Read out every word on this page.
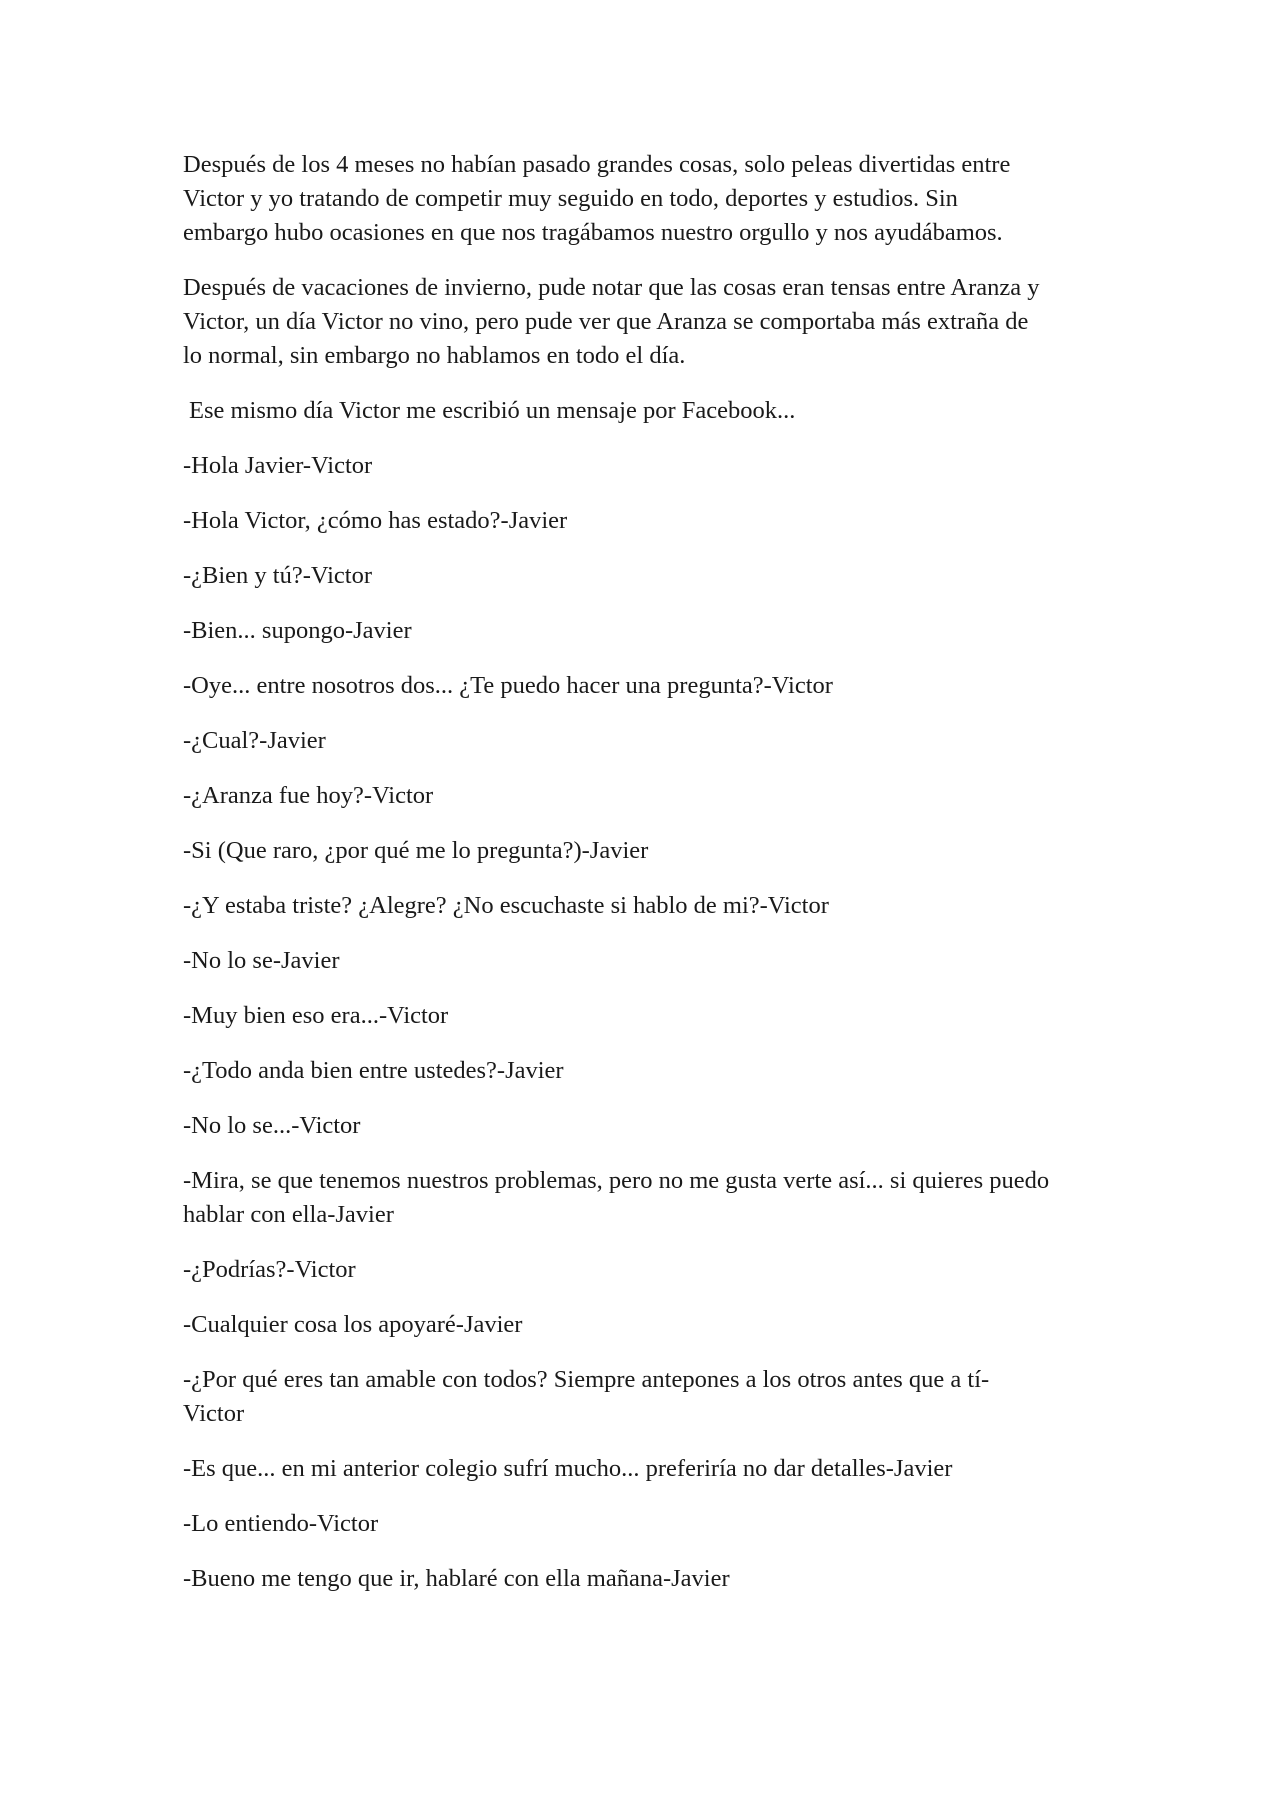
Después de los 4 meses no habían pasado grandes cosas, solo peleas divertidas entre
Victor y yo tratando de competir muy seguido en todo, deportes y estudios. Sin
embargo hubo ocasiones en que nos tragábamos nuestro orgullo y nos ayudábamos.

Después de vacaciones de invierno, pude notar que las cosas eran tensas entre Aranza y
Victor, un día Victor no vino, pero pude ver que Aranza se comportaba más extraña de
lo normal, sin embargo no hablamos en todo el día.

Ese mismo día Victor me escribió un mensaje por Facebook...

-Hola Javier-Victor

-Hola Victor, ¿cómo has estado?-Javier

-¿Bien y tú?-Victor

-Bien... supongo-Javier

-Oye... entre nosotros dos... ¿Te puedo hacer una pregunta?-Victor

-¿Cual?-Javier

-¿Aranza fue hoy?-Victor

-Si (Que raro, ¿por qué me lo pregunta?)-Javier

-¿Y estaba triste? ¿Alegre? ¿No escuchaste si hablo de mi?-Victor

-No lo se-Javier

-Muy bien eso era...-Victor

-¿Todo anda bien entre ustedes?-Javier

-No lo se...-Victor

-Mira, se que tenemos nuestros problemas, pero no me gusta verte así... si quieres puedo
hablar con ella-Javier

-¿Podrías?-Victor

-Cualquier cosa los apoyaré-Javier

-¿Por qué eres tan amable con todos? Siempre antepones a los otros antes que a tí-
Victor

-Es que... en mi anterior colegio sufrí mucho... preferiría no dar detalles-Javier

-Lo entiendo-Victor

-Bueno me tengo que ir, hablaré con ella mañana-Javier
